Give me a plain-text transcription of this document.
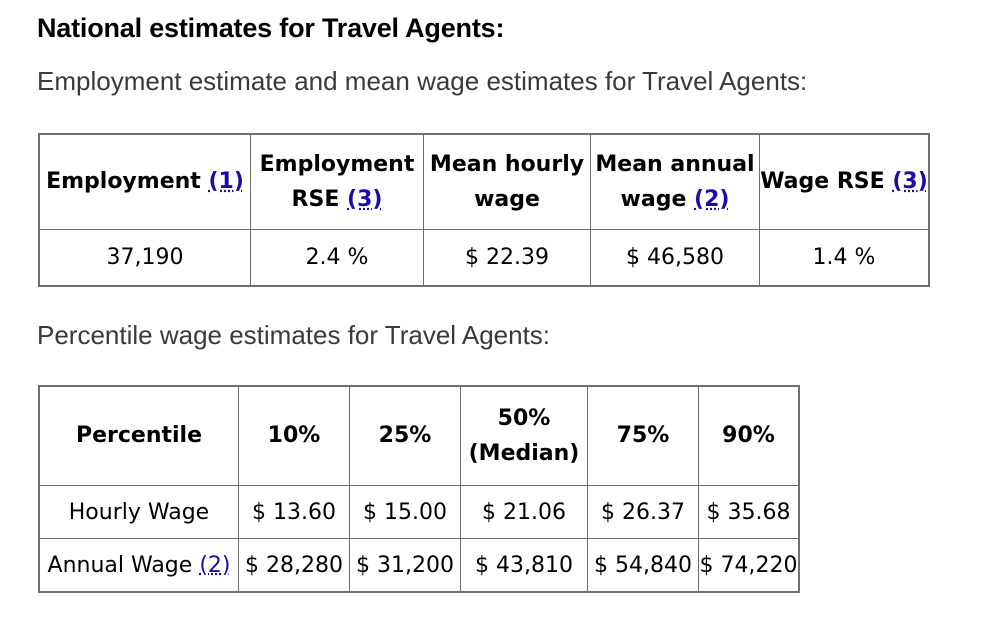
National estimates for Travel Agents:

Employment estimate and mean wage estimates for Travel Agents:

Employment (1)	Employment RSE (3)	Mean hourly wage	Mean annual wage (2)	Wage RSE (3)
37,190	2.4 %	$ 22.39	$ 46,580	1.4 %

Percentile wage estimates for Travel Agents:

Percentile	10%	25%	50% (Median)	75%	90%
Hourly Wage	$ 13.60	$ 15.00	$ 21.06	$ 26.37	$ 35.68
Annual Wage (2)	$ 28,280	$ 31,200	$ 43,810	$ 54,840	$ 74,220
